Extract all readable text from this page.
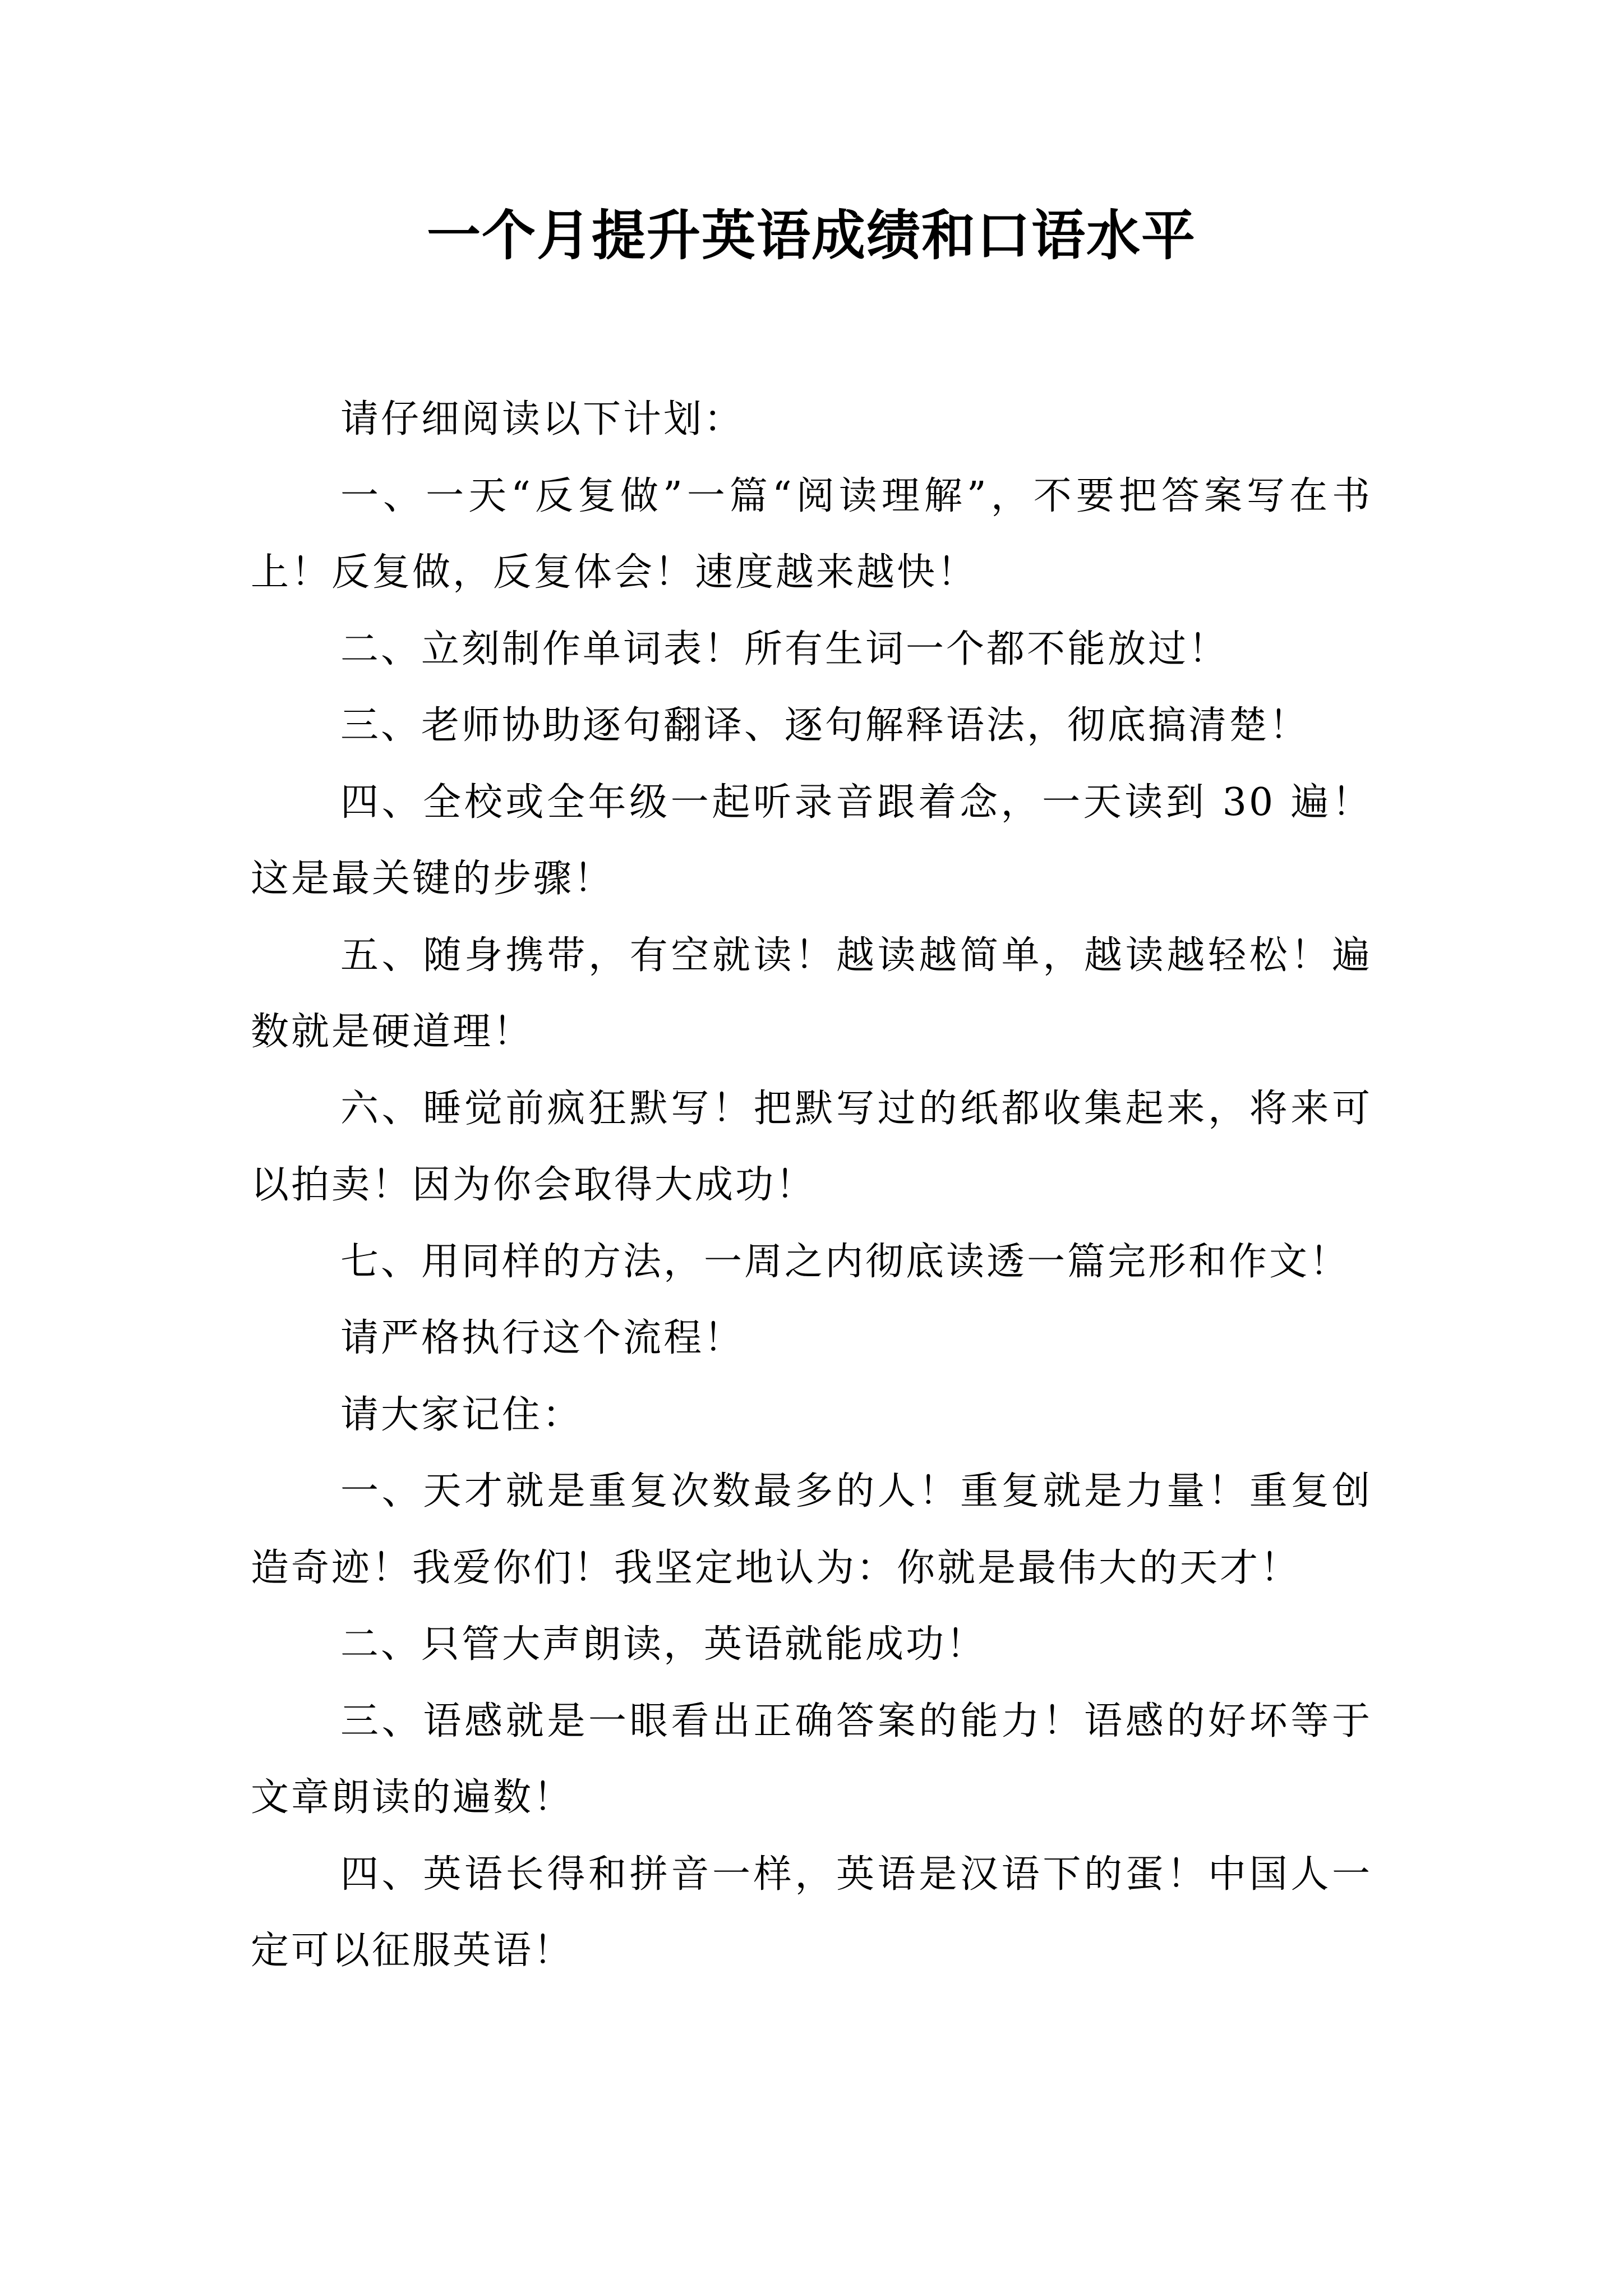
一个月提升英语成绩和口语水平

请仔细阅读以下计划：

一、一天“反复做”一篇“阅读理解”，不要把答案写在书上！反复做，反复体会！速度越来越快！

二、立刻制作单词表！所有生词一个都不能放过！

三、老师协助逐句翻译、逐句解释语法，彻底搞清楚！

四、全校或全年级一起听录音跟着念，一天读到 30 遍！这是最关键的步骤！

五、随身携带，有空就读！越读越简单，越读越轻松！遍数就是硬道理！

六、睡觉前疯狂默写！把默写过的纸都收集起来，将来可以拍卖！因为你会取得大成功！

七、用同样的方法，一周之内彻底读透一篇完形和作文！

请严格执行这个流程！

请大家记住：

一、天才就是重复次数最多的人！重复就是力量！重复创造奇迹！我爱你们！我坚定地认为：你就是最伟大的天才！

二、只管大声朗读，英语就能成功！

三、语感就是一眼看出正确答案的能力！语感的好坏等于文章朗读的遍数！

四、英语长得和拼音一样，英语是汉语下的蛋！中国人一定可以征服英语！
